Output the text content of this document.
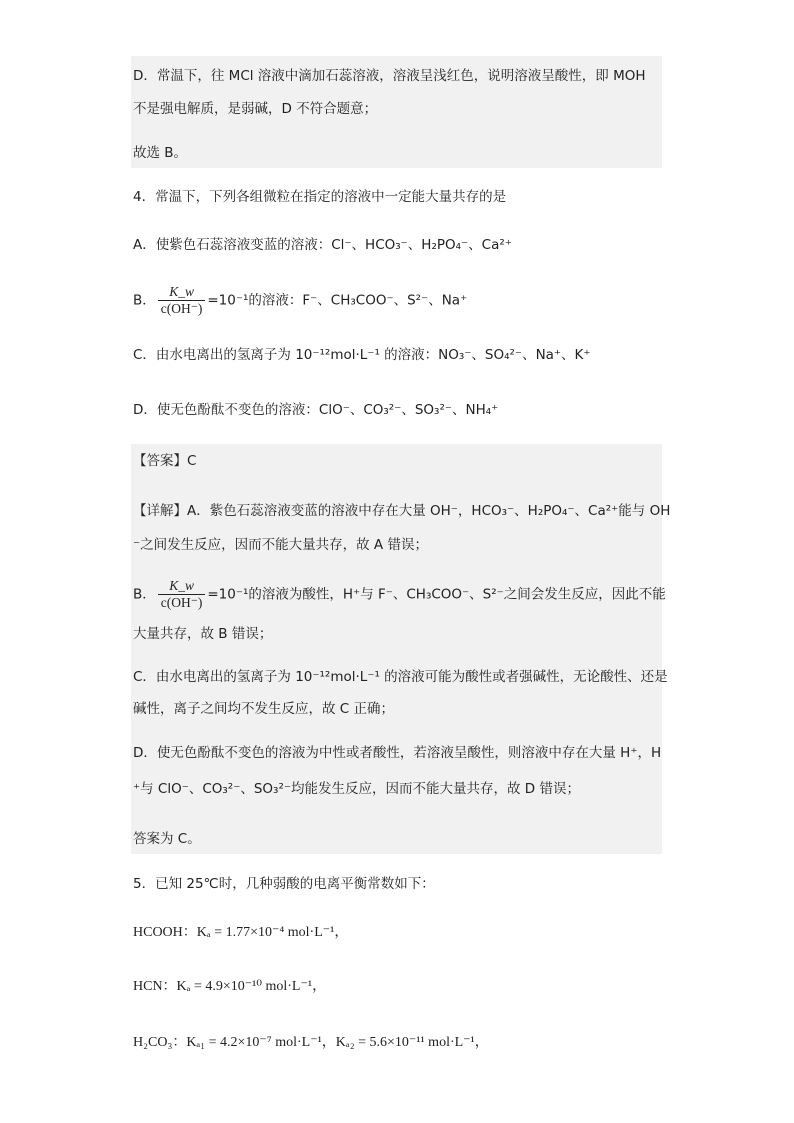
D．常温下，往 MCl 溶液中滴加石蕊溶液，溶液呈浅红色，说明溶液呈酸性，即 MOH
不是强电解质，是弱碱，D 不符合题意；
故选 B。
4．常温下，下列各组微粒在指定的溶液中一定能大量共存的是
A．使紫色石蕊溶液变蓝的溶液：Cl⁻、HCO₃⁻、H₂PO₄⁻、Ca²⁺
B． $\frac{K\_w}{c(OH^-)} =10^{-1}$的溶液：F⁻、CH₃COO⁻、S²⁻、Na⁺
C．由水电离出的氢离子为 10⁻¹²mol·L⁻¹ 的溶液：NO₃⁻、SO₄²⁻、Na⁺、K⁺
D．使无色酚酞不变色的溶液：ClO⁻、CO₃²⁻、SO₃²⁻、NH₄⁺
【答案】C
【详解】A．紫色石蕊溶液变蓝的溶液中存在大量 OH⁻，HCO₃⁻、H₂PO₄⁻、Ca²⁺能与 OH
⁻之间发生反应，因而不能大量共存，故 A 错误；
B． $\frac{K\_w}{c(OH^-)} =10^{-1}$的溶液为酸性，H⁺与 F⁻、CH₃COO⁻、S²⁻之间会发生反应，因此不能
大量共存，故 B 错误；
C．由水电离出的氢离子为 10⁻¹²mol·L⁻¹ 的溶液可能为酸性或者强碱性，无论酸性、还是
碱性，离子之间均不发生反应，故 C 正确；
D．使无色酚酞不变色的溶液为中性或者酸性，若溶液呈酸性，则溶液中存在大量 H⁺，H
⁺与 ClO⁻、CO₃²⁻、SO₃²⁻均能发生反应，因而不能大量共存，故 D 错误；
答案为 C。
5．已知 25℃时，几种弱酸的电离平衡常数如下：
HCOOH：Kₐ = 1.77×10⁻⁴ mol·L⁻¹，
HCN：Kₐ = 4.9×10⁻¹⁰ mol·L⁻¹，
H₂CO₃：Kₐ₁ = 4.2×10⁻⁷ mol·L⁻¹，Kₐ₂ = 5.6×10⁻¹¹ mol·L⁻¹，
